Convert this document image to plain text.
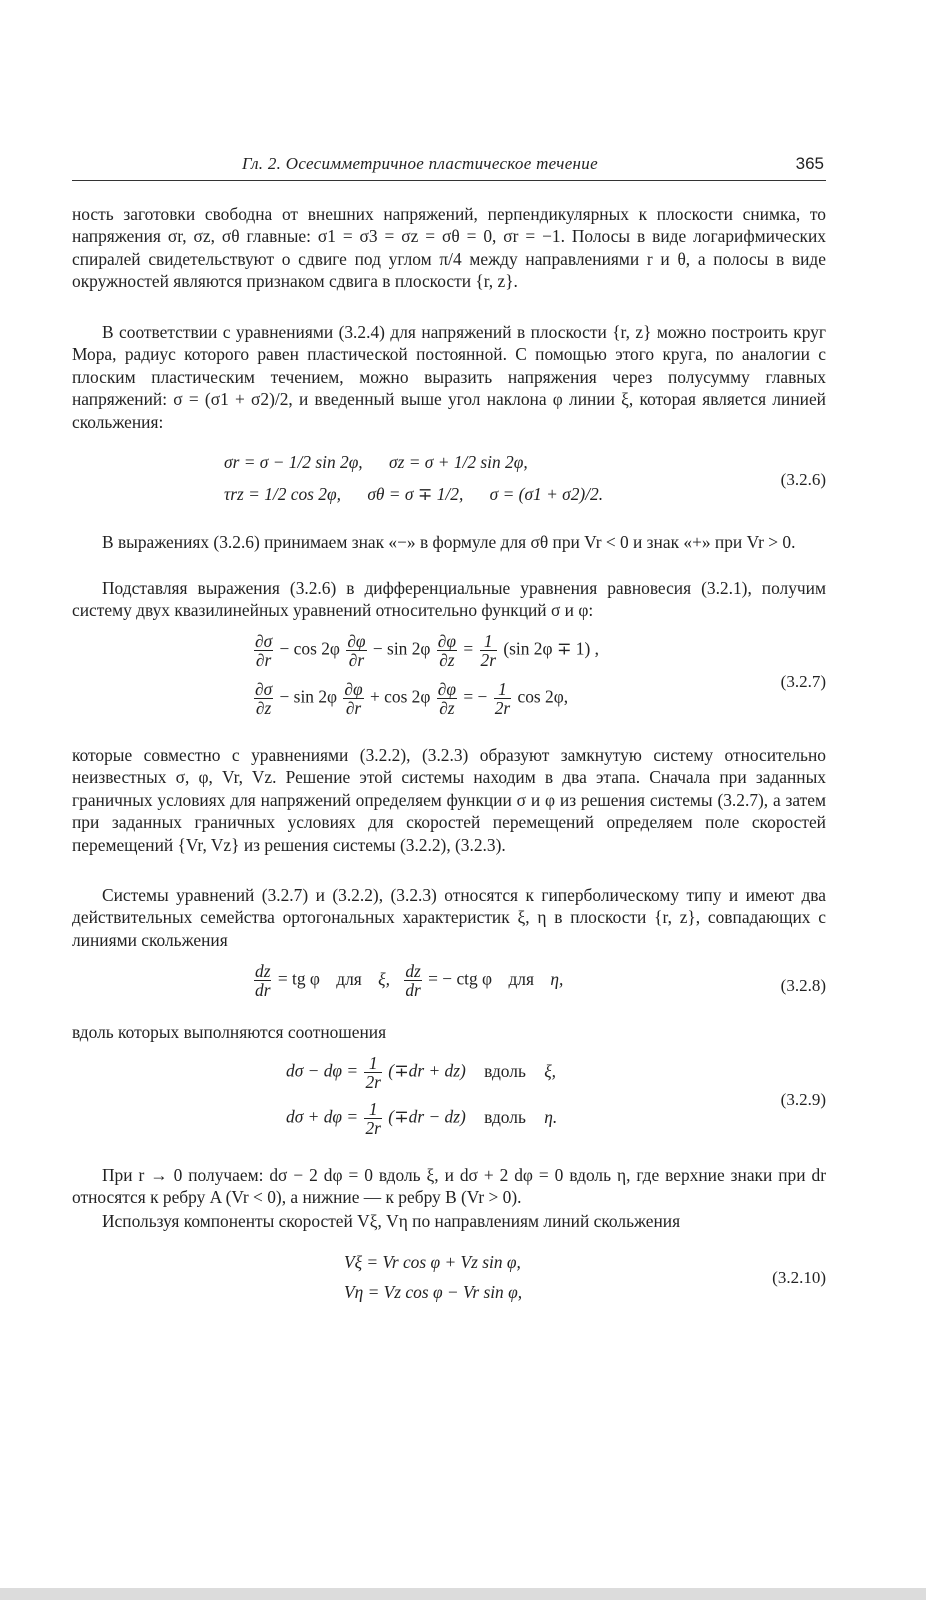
Гл. 2. Осесимметричное пластическое течение	365

ность заготовки свободна от внешних напряжений, перпендикулярных к плоскости снимка, то напряжения σr, σz, σθ главные: σ1 = σ3 = σz = σθ = 0, σr = −1. Полосы в виде логарифмических спиралей свидетельствуют о сдвиге под углом π/4 между направлениями r и θ, а полосы в виде окружностей являются признаком сдвига в плоскости {r, z}.

В соответствии с уравнениями (3.2.4) для напряжений в плоскости {r, z} можно построить круг Мора, радиус которого равен пластической постоянной. С помощью этого круга, по аналогии с плоским пластическим течением, можно выразить напряжения через полусумму главных напряжений: σ = (σ1 + σ2)/2, и введенный выше угол наклона φ линии ξ, которая является линией скольжения:

σr = σ − 1/2 sin 2φ, σz = σ + 1/2 sin 2φ,
τrz = 1/2 cos 2φ, σθ = σ ∓ 1/2, σ = (σ1 + σ2)/2.
(3.2.6)

В выражениях (3.2.6) принимаем знак «−» в формуле для σθ при Vr < 0 и знак «+» при Vr > 0.

Подставляя выражения (3.2.6) в дифференциальные уравнения равновесия (3.2.1), получим систему двух квазилинейных уравнений относительно функций σ и φ:

$\frac{\partial\sigma}{\partial r} - \cos 2\varphi \frac{\partial\varphi}{\partial r} - \sin 2\varphi \frac{\partial\varphi}{\partial z} = \frac{1}{2r} (\sin$ 2φ ∓ 1) ,
$\frac{\partial\sigma}{\partial z} - \sin 2\varphi \frac{\partial\varphi}{\partial r} + \cos 2\varphi \frac{\partial\varphi}{\partial z}$ = − $\frac{1}{2r}$ cos 2φ,
(3.2.7)

которые совместно с уравнениями (3.2.2), (3.2.3) образуют замкнутую систему относительно неизвестных σ, φ, Vr, Vz. Решение этой системы находим в два этапа. Сначала при заданных граничных условиях для напряжений определяем функции σ и φ из решения системы (3.2.7), а затем при заданных граничных условиях для скоростей перемещений определяем поле скоростей перемещений {Vr, Vz} из решения системы (3.2.2), (3.2.3).

Системы уравнений (3.2.7) и (3.2.2), (3.2.3) относятся к гиперболическому типу и имеют два действительных семейства ортогональных характеристик ξ, η в плоскости {r, z}, совпадающих с линиями скольжения

$\frac{dz}{dr}$ = tg φ для ξ, $\frac{dz}{dr}$ = − ctg φ для η,	(3.2.8)

вдоль которых выполняются соотношения

$d\sigma - d\varphi = \frac{1}{2r} (\mp dr + dz)$ вдоль ξ,
$d\sigma + d\varphi = \frac{1}{2r} (\mp dr - dz)$ вдоль η.
(3.2.9)

При r → 0 получаем: dσ − 2 dφ = 0 вдоль ξ, и dσ + 2 dφ = 0 вдоль η, где верхние знаки при dr относятся к ребру A (Vr < 0), а нижние — к ребру B (Vr > 0).

Используя компоненты скоростей Vξ, Vη по направлениям линий скольжения

Vξ = Vr cos φ + Vz sin φ,
Vη = Vz cos φ − Vr sin φ,
(3.2.10)
